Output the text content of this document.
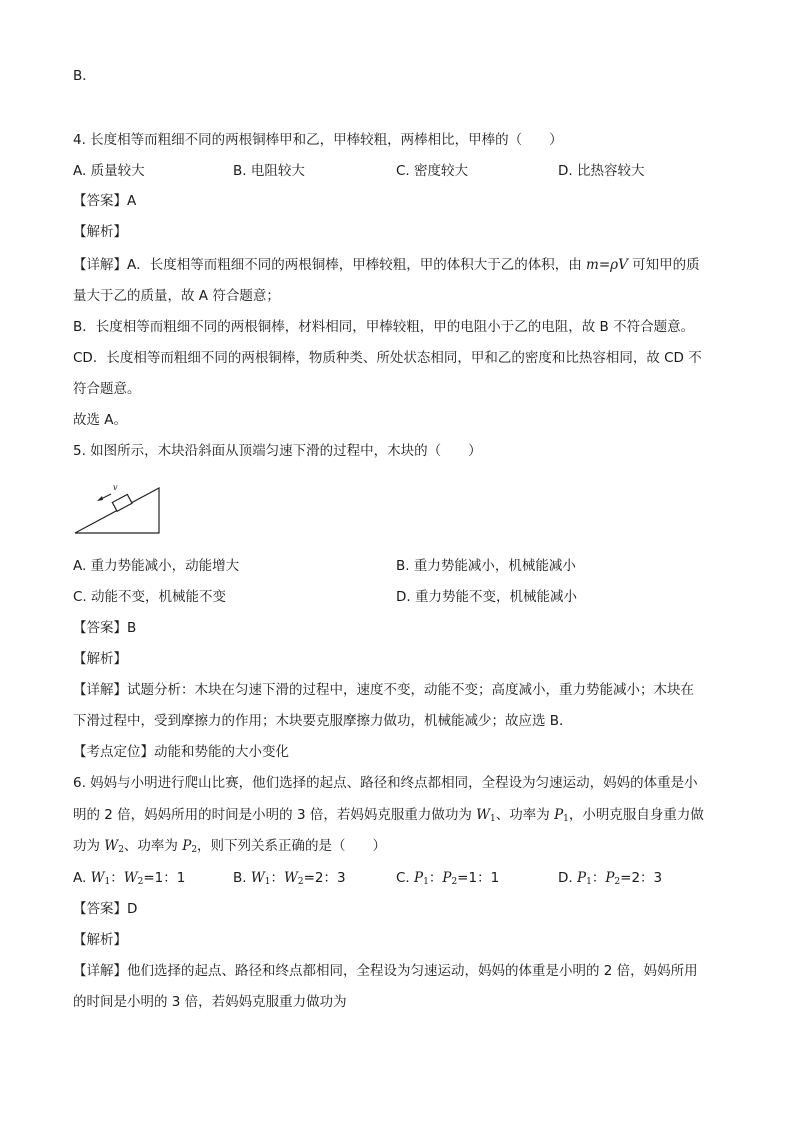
B．
4. 长度相等而粗细不同的两根铜棒甲和乙，甲棒较粗，两棒相比，甲棒的（　　）
A. 质量较大	B. 电阻较大	C. 密度较大	D. 比热容较大
【答案】A
【解析】
【详解】A．长度相等而粗细不同的两根铜棒，甲棒较粗，甲的体积大于乙的体积，由 m=ρV 可知甲的质
量大于乙的质量，故 A 符合题意；
B．长度相等而粗细不同的两根铜棒，材料相同，甲棒较粗，甲的电阻小于乙的电阻，故 B 不符合题意。
CD．长度相等而粗细不同的两根铜棒，物质种类、所处状态相同，甲和乙的密度和比热容相同，故 CD 不
符合题意。
故选 A。
5. 如图所示，木块沿斜面从顶端匀速下滑的过程中，木块的（　　）
v
A. 重力势能减小，动能增大	B. 重力势能减小，机械能减小
C. 动能不变，机械能不变	D. 重力势能不变，机械能减小
【答案】B
【解析】
【详解】试题分析：木块在匀速下滑的过程中，速度不变，动能不变；高度减小，重力势能减小；木块在
下滑过程中，受到摩擦力的作用；木块要克服摩擦力做功，机械能减少；故应选 B．
【考点定位】动能和势能的大小变化
6. 妈妈与小明进行爬山比赛，他们选择的起点、路径和终点都相同，全程设为匀速运动，妈妈的体重是小
明的 2 倍，妈妈所用的时间是小明的 3 倍，若妈妈克服重力做功为 $W_1$、功率为 $P_1$，小明克服自身重力做
功为 $W_2$、功率为 $P_2$，则下列关系正确的是（　　）
A. $W_1$：$W_2=1$：1	B. $W_1$：$W_2=2$：3	C. $P_1$：$P_2=1$：1	D. $P_1$：$P_2=2$：3
【答案】D
【解析】
【详解】他们选择的起点、路径和终点都相同，全程设为匀速运动，妈妈的体重是小明的 2 倍，妈妈所用
的时间是小明的 3 倍，若妈妈克服重力做功为
